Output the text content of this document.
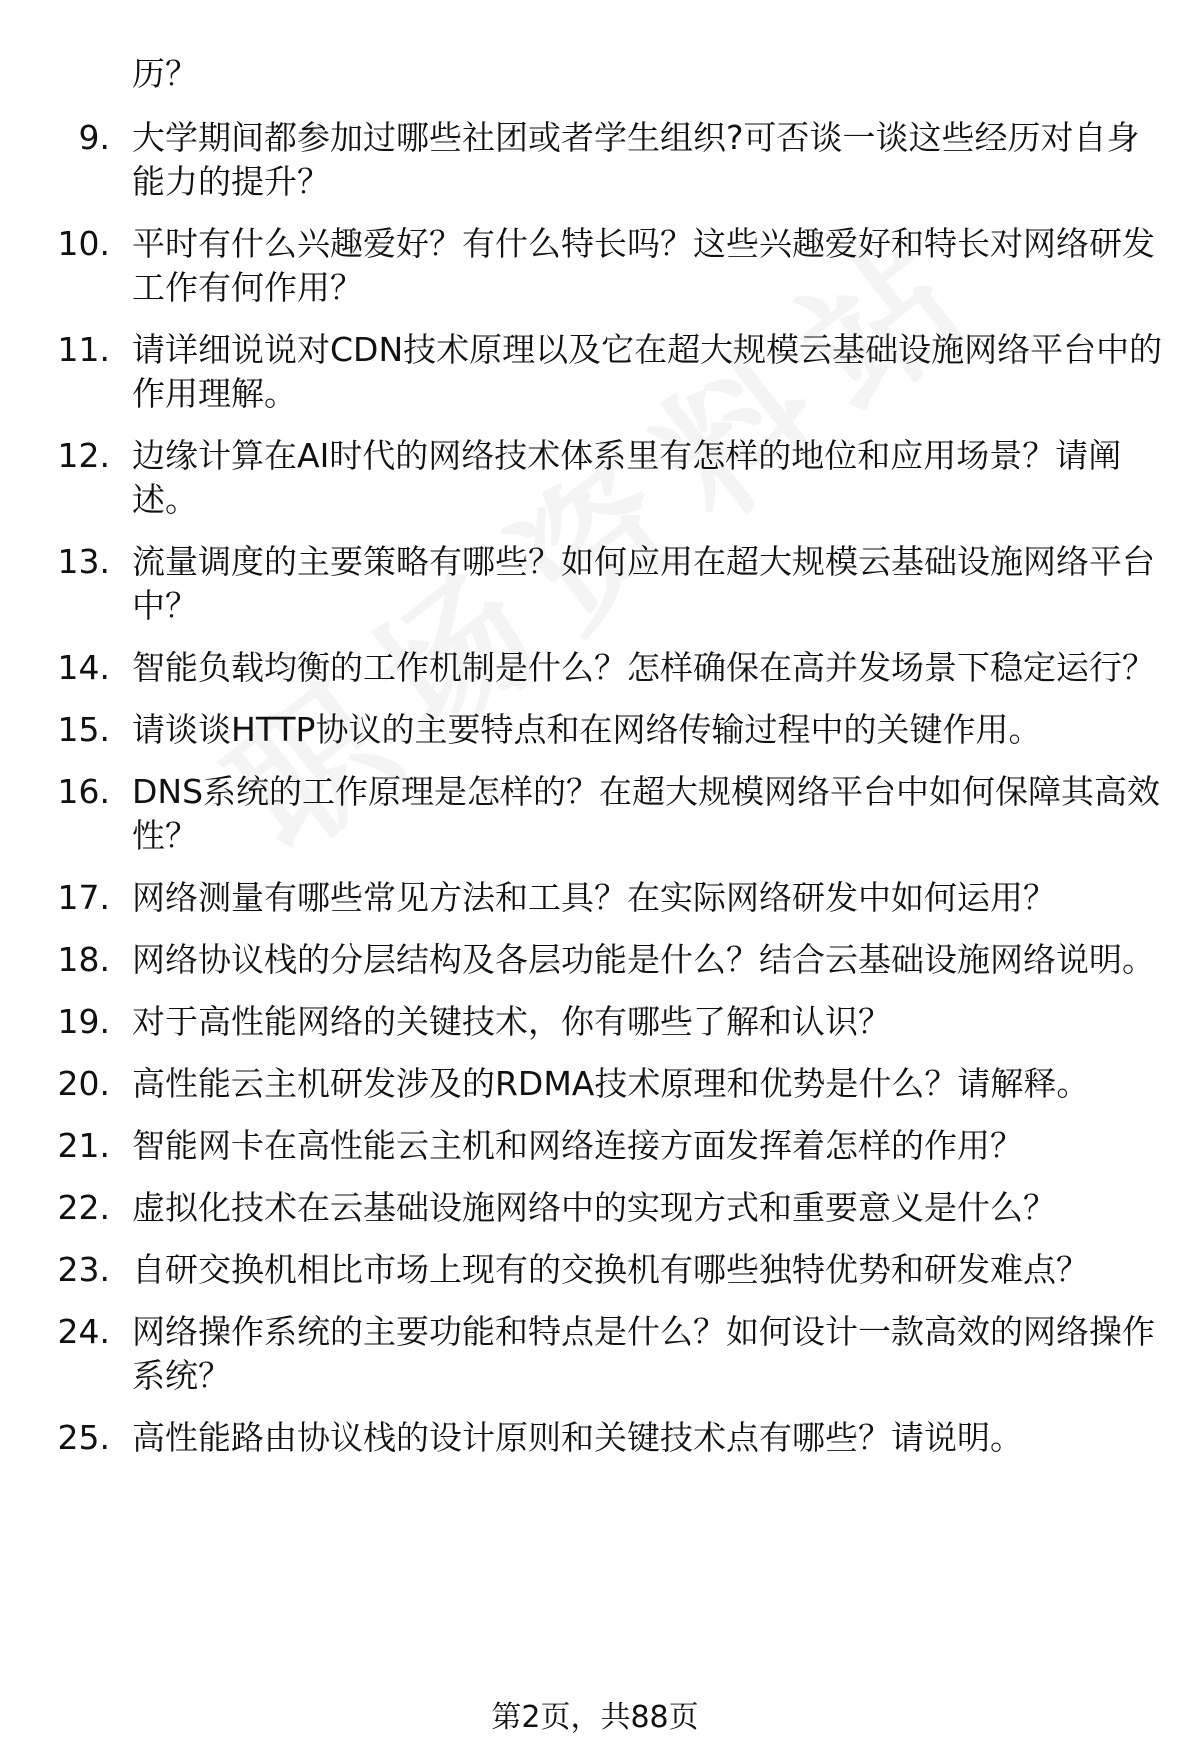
历？
9. 大学期间都参加过哪些社团或者学生组织?可否谈一谈这些经历对自身能力的提升？
10. 平时有什么兴趣爱好？有什么特长吗？这些兴趣爱好和特长对网络研发工作有何作用？
11. 请详细说说对CDN技术原理以及它在超大规模云基础设施网络平台中的作用理解。
12. 边缘计算在AI时代的网络技术体系里有怎样的地位和应用场景？请阐述。
13. 流量调度的主要策略有哪些？如何应用在超大规模云基础设施网络平台中？
14. 智能负载均衡的工作机制是什么？怎样确保在高并发场景下稳定运行？
15. 请谈谈HTTP协议的主要特点和在网络传输过程中的关键作用。
16. DNS系统的工作原理是怎样的？在超大规模网络平台中如何保障其高效性？
17. 网络测量有哪些常见方法和工具？在实际网络研发中如何运用？
18. 网络协议栈的分层结构及各层功能是什么？结合云基础设施网络说明。
19. 对于高性能网络的关键技术，你有哪些了解和认识？
20. 高性能云主机研发涉及的RDMA技术原理和优势是什么？请解释。
21. 智能网卡在高性能云主机和网络连接方面发挥着怎样的作用？
22. 虚拟化技术在云基础设施网络中的实现方式和重要意义是什么？
23. 自研交换机相比市场上现有的交换机有哪些独特优势和研发难点？
24. 网络操作系统的主要功能和特点是什么？如何设计一款高效的网络操作系统？
25. 高性能路由协议栈的设计原则和关键技术点有哪些？请说明。
第2页，共88页
